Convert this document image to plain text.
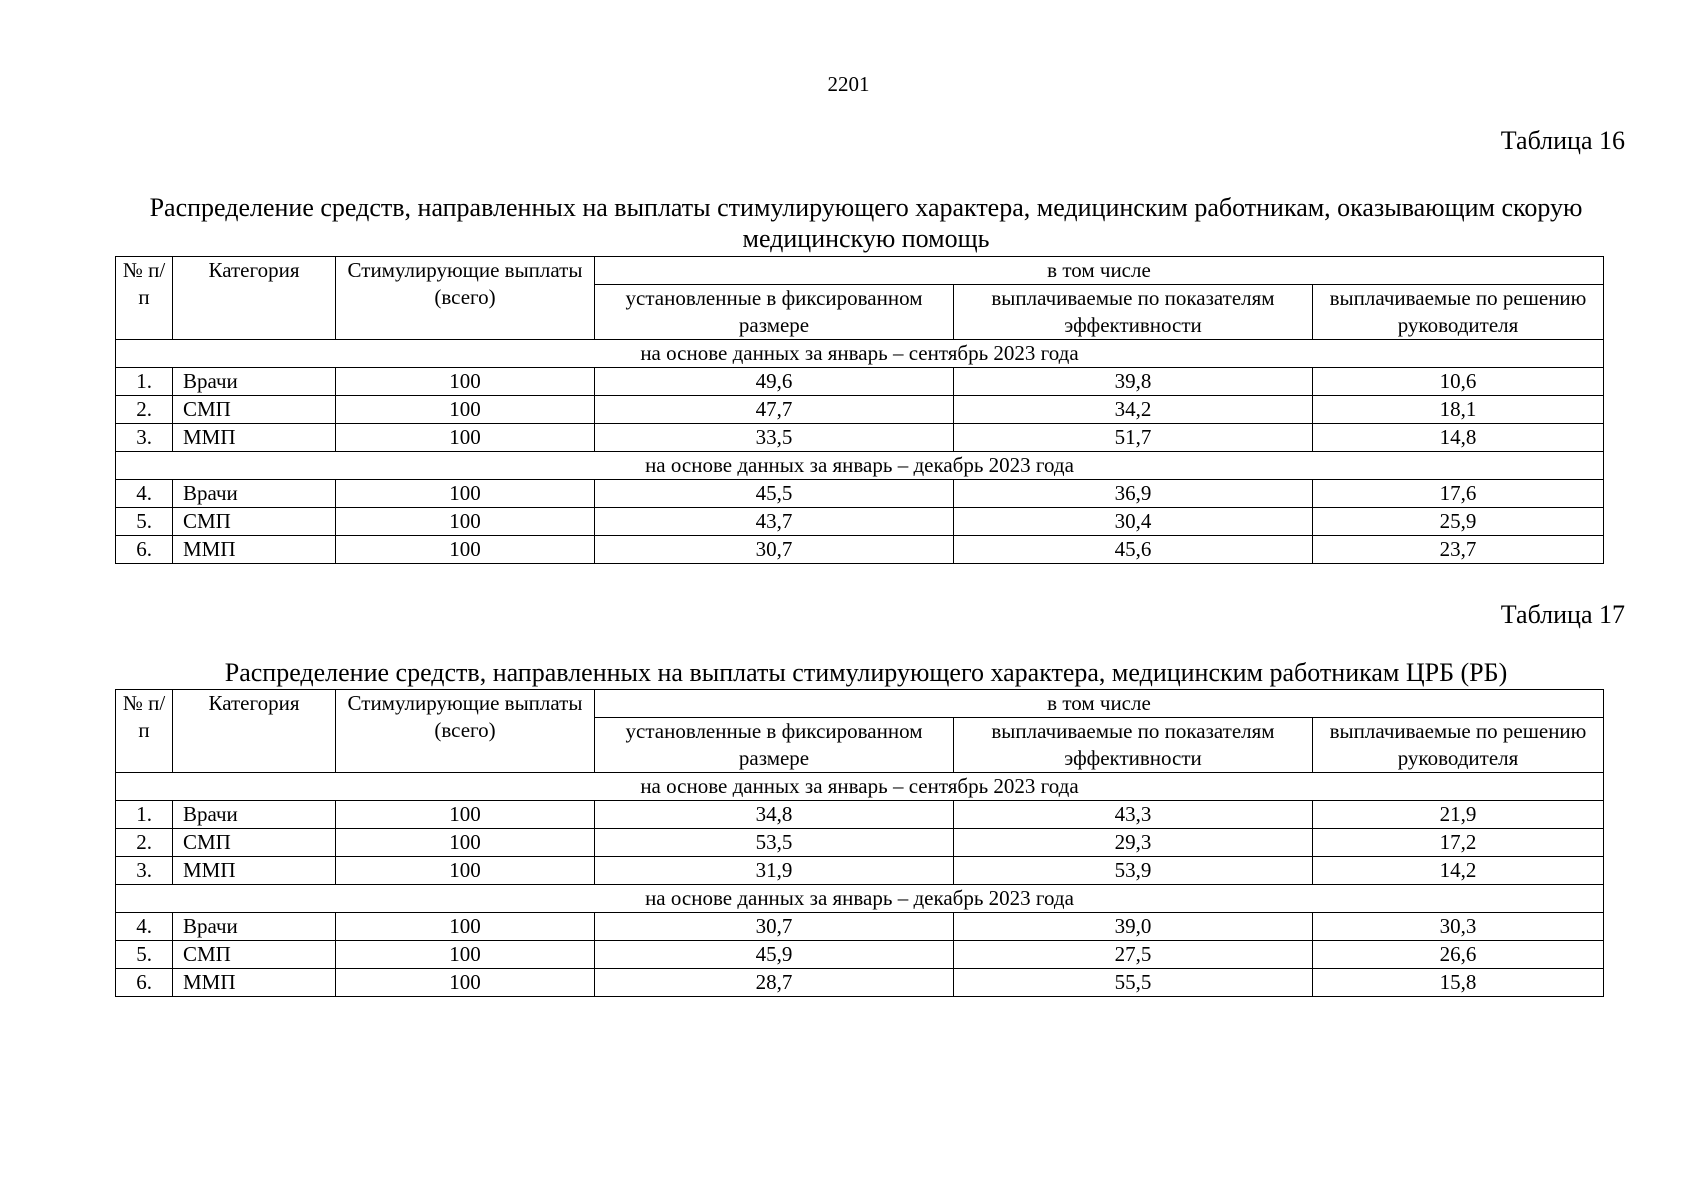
2201
Таблица 16
Распределение средств, направленных на выплаты стимулирующего характера, медицинским работникам, оказывающим скорую медицинскую помощь
№ п/п	Категория	Стимулирующие выплаты (всего)	в том числе		
			установленные в фиксированном размере	выплачиваемые по показателям эффективности	выплачиваемые по решению руководителя
на основе данных за январь – сентябрь 2023 года					
1.	Врачи	100	49,6	39,8	10,6
2.	СМП	100	47,7	34,2	18,1
3.	ММП	100	33,5	51,7	14,8
на основе данных за январь – декабрь 2023 года					
4.	Врачи	100	45,5	36,9	17,6
5.	СМП	100	43,7	30,4	25,9
6.	ММП	100	30,7	45,6	23,7
Таблица 17
Распределение средств, направленных на выплаты стимулирующего характера, медицинским работникам ЦРБ (РБ)
№ п/п	Категория	Стимулирующие выплаты (всего)	в том числе		
			установленные в фиксированном размере	выплачиваемые по показателям эффективности	выплачиваемые по решению руководителя
на основе данных за январь – сентябрь 2023 года					
1.	Врачи	100	34,8	43,3	21,9
2.	СМП	100	53,5	29,3	17,2
3.	ММП	100	31,9	53,9	14,2
на основе данных за январь – декабрь 2023 года					
4.	Врачи	100	30,7	39,0	30,3
5.	СМП	100	45,9	27,5	26,6
6.	ММП	100	28,7	55,5	15,8
